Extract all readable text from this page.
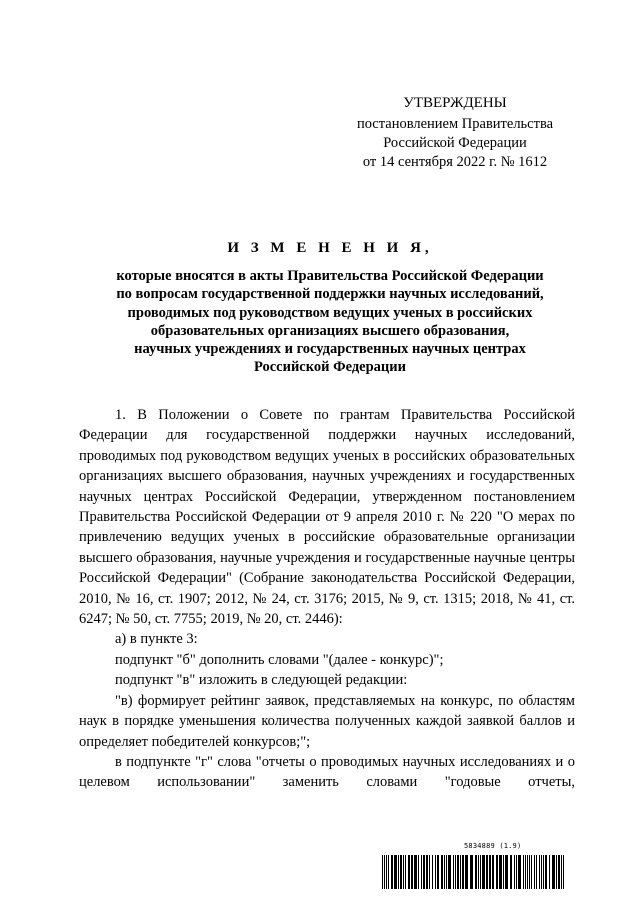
УТВЕРЖДЕНЫ
постановлением Правительства
Российской Федерации
от 14 сентября 2022 г. № 1612
И З М Е Н Е Н И Я,
которые вносятся в акты Правительства Российской Федерации
по вопросам государственной поддержки научных исследований,
проводимых под руководством ведущих ученых в российских
образовательных организациях высшего образования,
научных учреждениях и государственных научных центрах
Российской Федерации

1. В Положении о Совете по грантам Правительства Российской Федерации для государственной поддержки научных исследований, проводимых под руководством ведущих ученых в российских образовательных организациях высшего образования, научных учреждениях и государственных научных центрах Российской Федерации, утвержденном постановлением Правительства Российской Федерации от 9 апреля 2010 г. № 220 "О мерах по привлечению ведущих ученых в российские образовательные организации высшего образования, научные учреждения и государственные научные центры Российской Федерации" (Собрание законодательства Российской Федерации, 2010, № 16, ст. 1907; 2012, № 24, ст. 3176; 2015, № 9, ст. 1315; 2018, № 41, ст. 6247; № 50, ст. 7755; 2019, № 20, ст. 2446):

а) в пункте 3:

подпункт "б" дополнить словами "(далее - конкурс)";

подпункт "в" изложить в следующей редакции:

"в) формирует рейтинг заявок, представляемых на конкурс, по областям наук в порядке уменьшения количества полученных каждой заявкой баллов и определяет победителей конкурсов;";

в подпункте "г" слова "отчеты о проводимых научных исследованиях и о целевом использовании" заменить словами "годовые отчеты,

5834889 (1.9)
